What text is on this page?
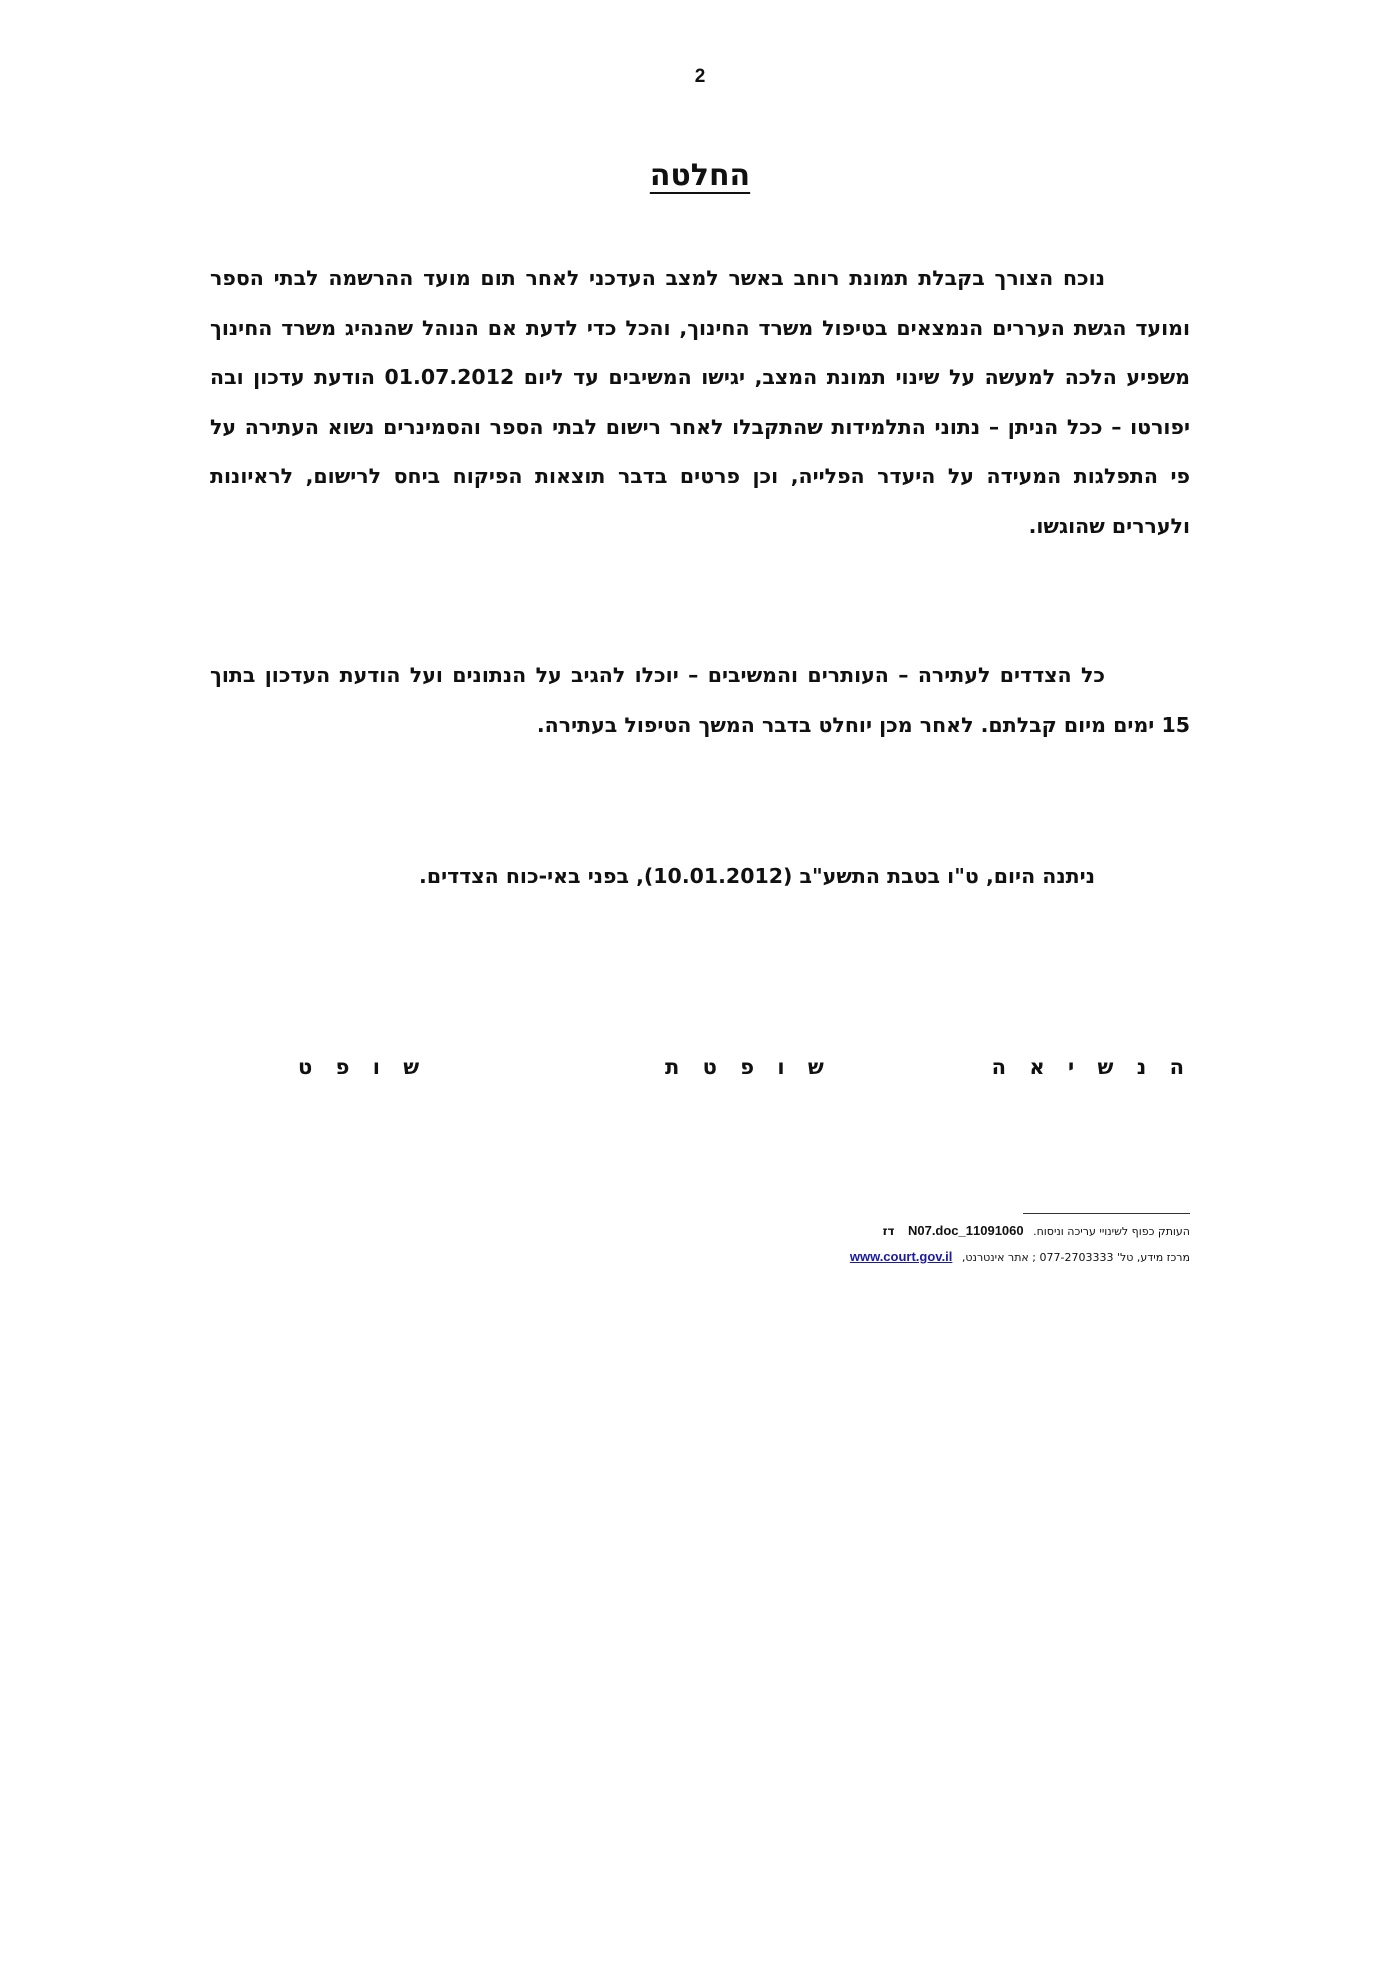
2
החלטה

נוכח הצורך בקבלת תמונת רוחב באשר למצב העדכני לאחר תום מועד ההרשמה לבתי הספר ומועד הגשת העררים הנמצאים בטיפול משרד החינוך, והכל כדי לדעת אם הנוהל שהנהיג משרד החינוך משפיע הלכה למעשה על שינוי תמונת המצב, יגישו המשיבים עד ליום 01.07.2012 הודעת עדכון ובה יפורטו – ככל הניתן – נתוני התלמידות שהתקבלו לאחר רישום לבתי הספר והסמינרים נשוא העתירה על פי התפלגות המעידה על היעדר הפלייה, וכן פרטים בדבר תוצאות הפיקוח ביחס לרישום, לראיונות ולעררים שהוגשו.

כל הצדדים לעתירה – העותרים והמשיבים – יוכלו להגיב על הנתונים ועל הודעת העדכון בתוך 15 ימים מיום קבלתם. לאחר מכן יוחלט בדבר המשך הטיפול בעתירה.

ניתנה היום, ט"ו בטבת התשע"ב (10.01.2012), בפני באי-כוח הצדדים.

ה נ ש י א ה
ש ו פ ט ת
ש ו פ ט
העותק כפוף לשינויי עריכה וניסוח. 11091060_N07.doc דז
מרכז מידע, טל' 077-2703333 ; אתר אינטרנט, www.court.gov.il
